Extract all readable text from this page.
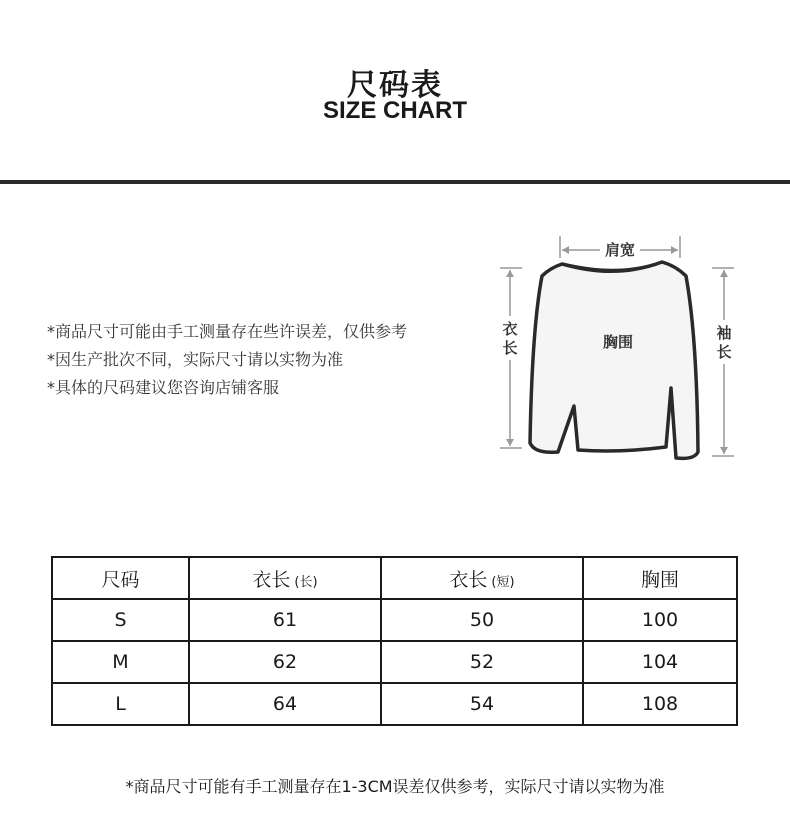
尺码表
SIZE CHART
*商品尺寸可能由手工测量存在些许误差，仅供参考
*因生产批次不同，实际尺寸请以实物为准
*具体的尺码建议您咨询店铺客服
肩宽
胸围
衣
长
袖
长
尺码	衣长 (长)	衣长 (短)	胸围
S	61	50	100
M	62	52	104
L	64	54	108
*商品尺寸可能有手工测量存在1-3CM误差仅供参考，实际尺寸请以实物为准
